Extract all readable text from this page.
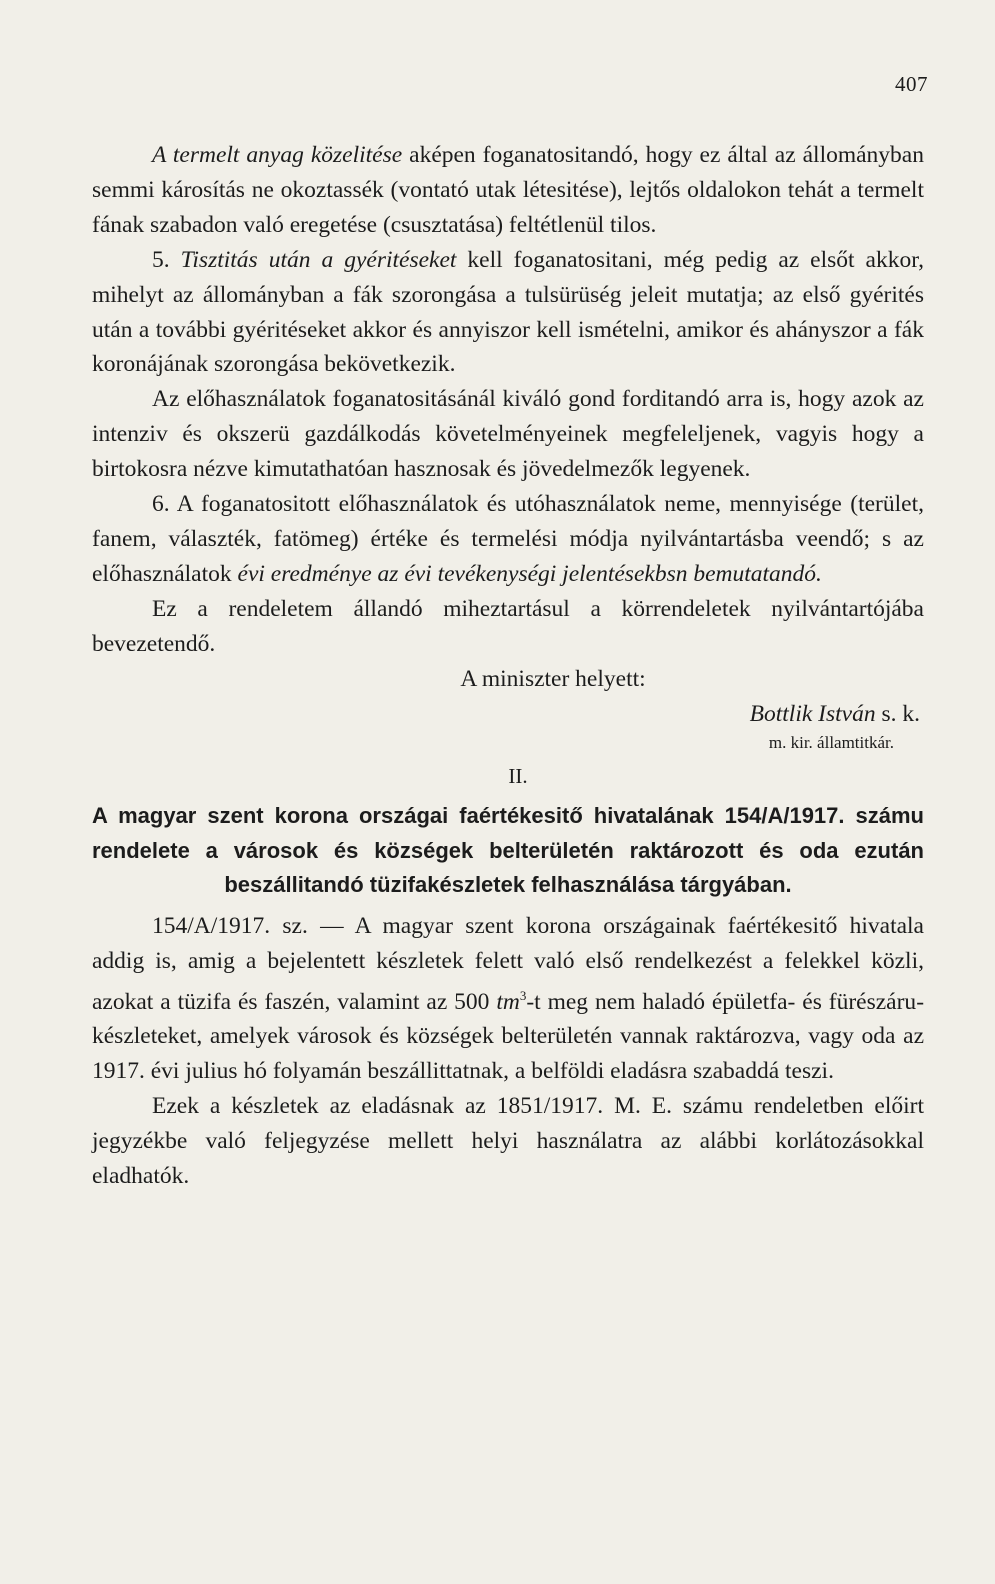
407

A termelt anyag közelitése aképen foganatositandó, hogy ez által az állományban semmi károsítás ne okoztassék (vontató utak létesitése), lejtős oldalokon tehát a termelt fának szabadon való eregetése (csusztatása) feltétlenül tilos.

5. Tisztitás után a gyéritéseket kell foganatositani, még pedig az elsőt akkor, mihelyt az állományban a fák szorongása a tulsürüség jeleit mutatja; az első gyérités után a további gyéritéseket akkor és annyiszor kell ismételni, amikor és ahányszor a fák koronájának szorongása bekövetkezik.

Az előhasználatok foganatositásánál kiváló gond forditandó arra is, hogy azok az intenziv és okszerü gazdálkodás követelményeinek megfeleljenek, vagyis hogy a birtokosra nézve kimutathatóan hasznosak és jövedelmezők legyenek.

6. A foganatositott előhasználatok és utóhasználatok neme, mennyisége (terület, fanem, választék, fatömeg) értéke és termelési módja nyilvántartásba veendő; s az előhasználatok évi eredménye az évi tevékenységi jelentésekbsn bemutatandó.

Ez a rendeletem állandó miheztartásul a körrendeletek nyilvántartójába bevezetendő.

A miniszter helyett:
Bottlik István s. k.
m. kir. államtitkár.
II.
A magyar szent korona országai faértékesitő hivatalának 154/A/1917. számu rendelete a városok és községek belterületén raktározott és oda ezután beszállitandó tüzifakészletek felhasználása tárgyában.

154/A/1917. sz. — A magyar szent korona országainak faértékesitő hivatala addig is, amig a bejelentett készletek felett való első rendelkezést a felekkel közli, azokat a tüzifa és faszén, valamint az 500 $tm^3-t$ meg nem haladó épületfa- és fürészárukészleteket, amelyek városok és községek belterületén vannak raktározva, vagy oda az 1917. évi julius hó folyamán beszállittatnak, a belföldi eladásra szabaddá teszi.

Ezek a készletek az eladásnak az 1851/1917. M. E. számu rendeletben előirt jegyzékbe való feljegyzése mellett helyi használatra az alábbi korlátozásokkal eladhatók.
